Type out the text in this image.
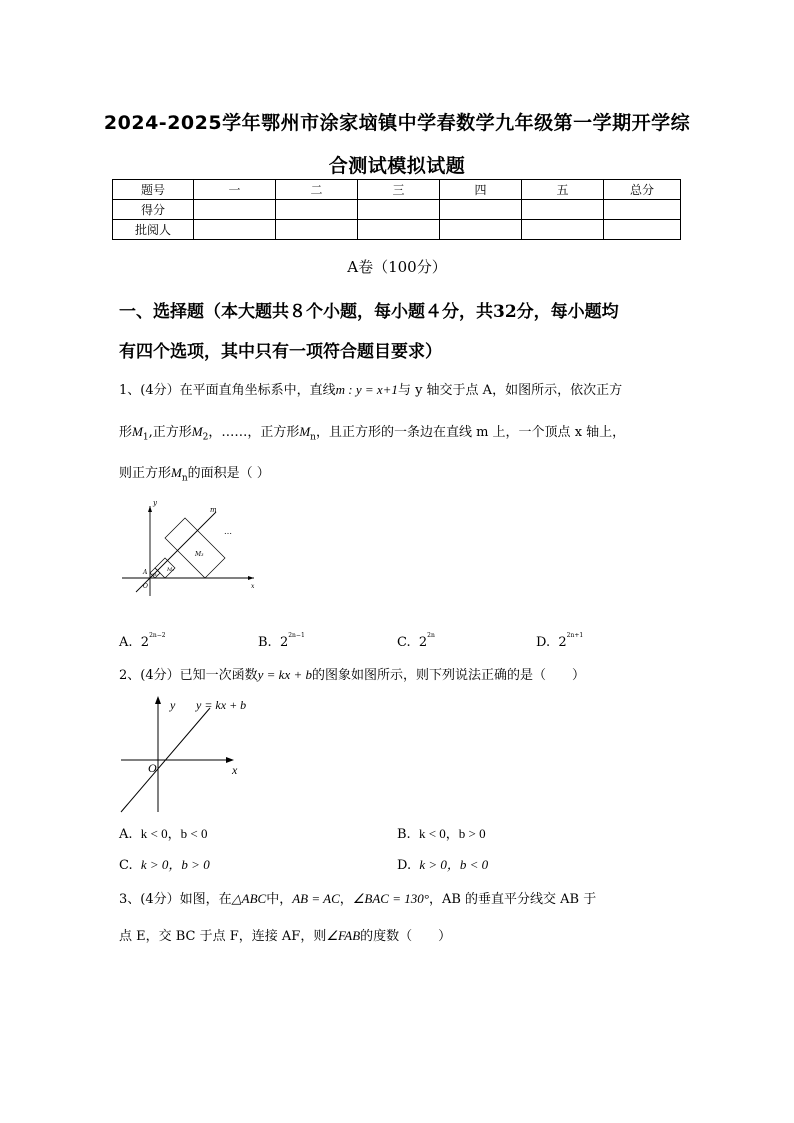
2024-2025学年鄂州市涂家垴镇中学春数学九年级第一学期开学综
合测试模拟试题
题号	一	二	三	四	五	总分
得分						
批阅人						
A卷（100分）
一、选择题（本大题共８个小题，每小题４分，共32分，每小题均
有四个选项，其中只有一项符合题目要求）
1、(4分）在平面直角坐标系中，直线m : y = x+1与 y 轴交于点 A，如图所示，依次正方
形$M_1$,正方形$M_2$，……，正方形$M_n$，且正方形的一条边在直线 m 上，一个顶点 x 轴上，
则正方形$M_n$的面积是（ ）
y
m
…
M₃
M₂
M₁
A
O	x
A. $2^{2n-2}$	B. $2^{2n-1}$	C. $2^{2n}$	D. $2^{2n+1}$
2、(4分）已知一次函数y = kx + b的图象如图所示，则下列说法正确的是（　　）
y y = kx + b
O	x
A. k < 0，b < 0	B. k < 0，b > 0
C. k > 0，b > 0	D. k > 0，b < 0
3、(4分）如图，在△ABC中，AB = AC，∠BAC = 130°，AB 的垂直平分线交 AB 于
点 E，交 BC 于点 F，连接 AF，则∠FAB的度数（　　）
